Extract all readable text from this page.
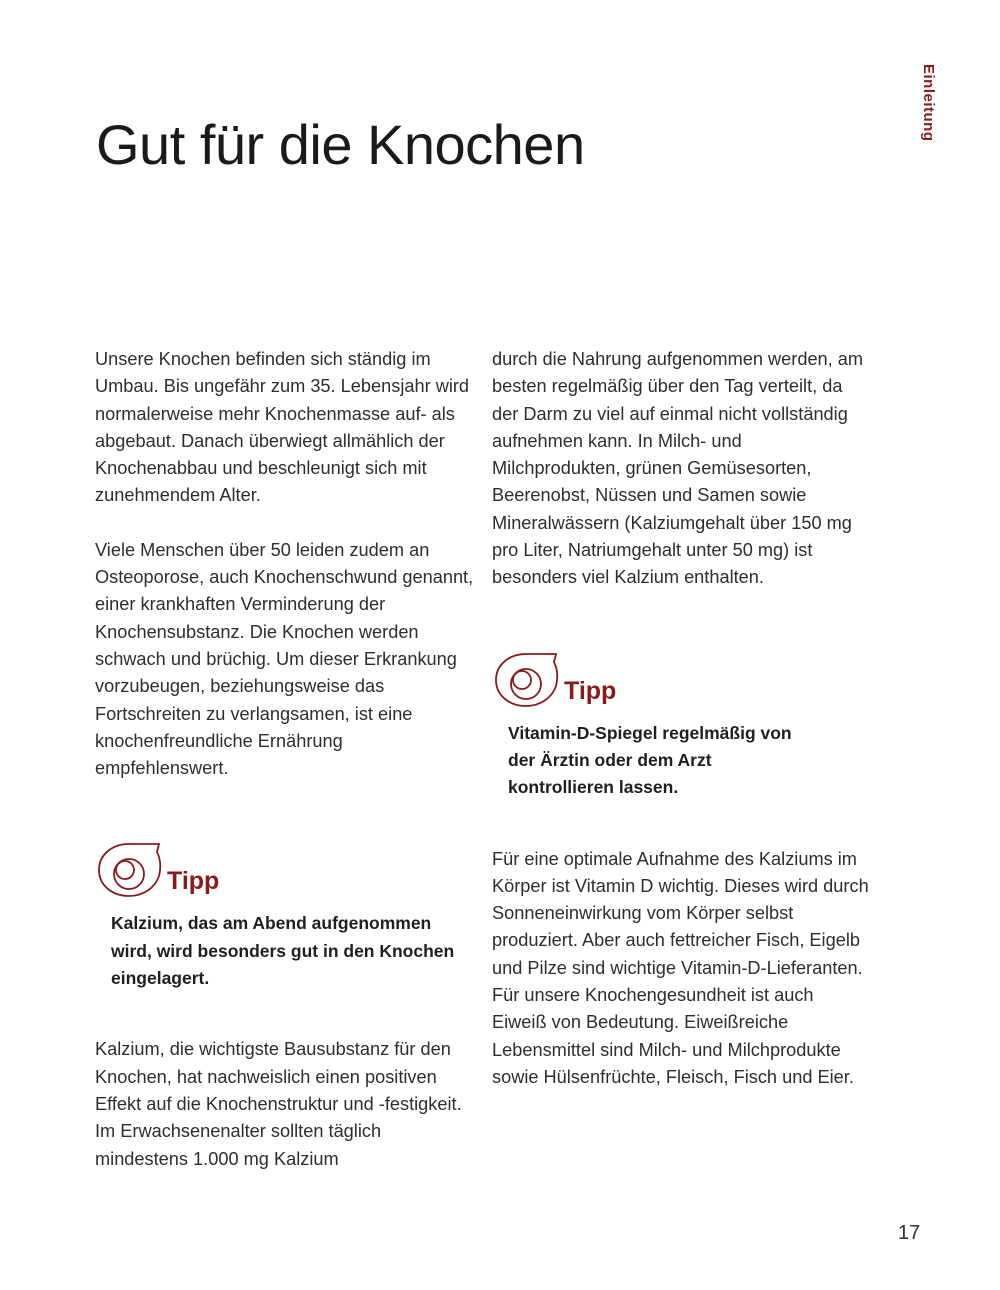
Einleitung
Gut für die Knochen

Unsere Knochen befinden sich ständig im Umbau. Bis ungefähr zum 35. Lebensjahr wird normalerweise mehr Knochenmasse auf- als abgebaut. Danach überwiegt allmählich der Knochenabbau und beschleunigt sich mit zunehmendem Alter.

Viele Menschen über 50 leiden zudem an Osteoporose, auch Knochenschwund genannt, einer krankhaften Verminderung der Knochensubstanz. Die Knochen werden schwach und brüchig. Um dieser Erkrankung vorzubeugen, beziehungsweise das Fortschreiten zu verlangsamen, ist eine knochenfreundliche Ernährung empfehlenswert.

Tipp

Kalzium, das am Abend aufgenommen wird, wird besonders gut in den Knochen eingelagert.

Kalzium, die wichtigste Bausubstanz für den Knochen, hat nachweislich einen positiven Effekt auf die Knochenstruktur und -festigkeit. Im Erwachsenenalter sollten täglich mindestens 1.000 mg Kalzium

durch die Nahrung aufgenommen werden, am besten regelmäßig über den Tag verteilt, da der Darm zu viel auf einmal nicht vollständig aufnehmen kann. In Milch- und Milchprodukten, grünen Gemüsesorten, Beerenobst, Nüssen und Samen sowie Mineralwässern (Kalziumgehalt über 150 mg pro Liter, Natriumgehalt unter 50 mg) ist besonders viel Kalzium enthalten.

Tipp

Vitamin-D-Spiegel regelmäßig von der Ärztin oder dem Arzt kontrollieren lassen.

Für eine optimale Aufnahme des Kalziums im Körper ist Vitamin D wichtig. Dieses wird durch Sonneneinwirkung vom Körper selbst produziert. Aber auch fettreicher Fisch, Eigelb und Pilze sind wichtige Vitamin-D-Lieferanten. Für unsere Knochengesundheit ist auch Eiweiß von Bedeutung. Eiweißreiche Lebensmittel sind Milch- und Milchprodukte sowie Hülsenfrüchte, Fleisch, Fisch und Eier.

17
